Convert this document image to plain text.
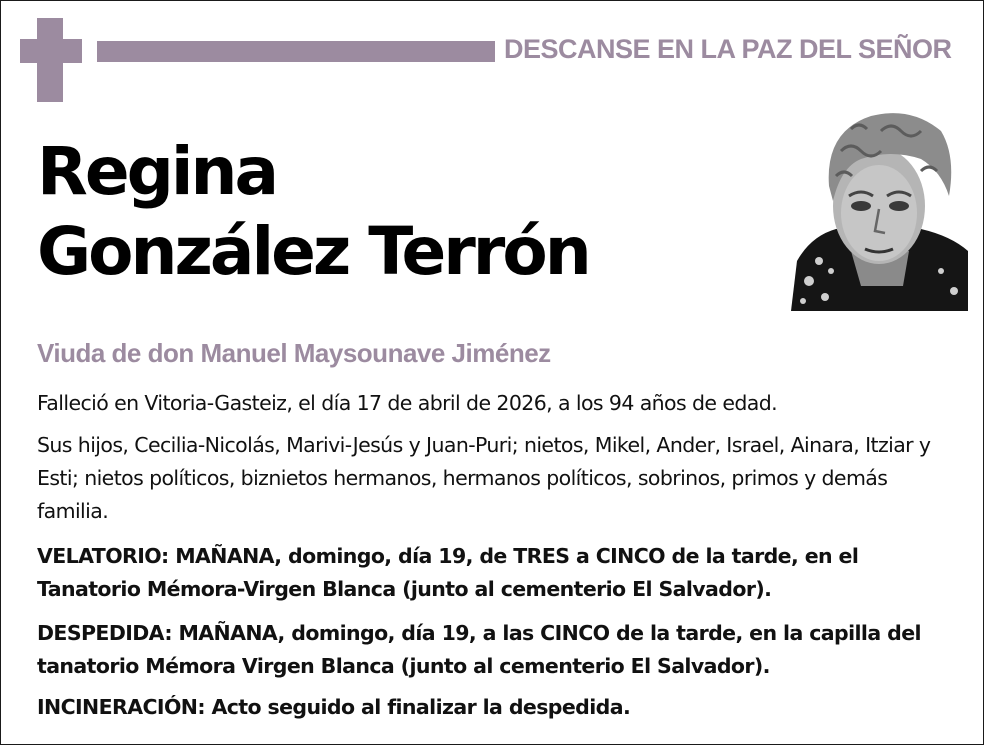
DESCANSE EN LA PAZ DEL SEÑOR
Regina
González Terrón
Viuda de don Manuel Maysounave Jiménez
Falleció en Vitoria-Gasteiz, el día 17 de abril de 2026, a los 94 años de edad.
Sus hijos, Cecilia-Nicolás, Marivi-Jesús y Juan-Puri; nietos, Mikel, Ander, Israel, Ainara, Itziar y Esti; nietos políticos, biznietos hermanos, hermanos políticos, sobrinos, primos y demás familia.
VELATORIO: MAÑANA, domingo, día 19, de TRES a CINCO de la tarde, en el Tanatorio Mémora-Virgen Blanca (junto al cementerio El Salvador).
DESPEDIDA: MAÑANA, domingo, día 19, a las CINCO de la tarde, en la capilla del tanatorio Mémora Virgen Blanca (junto al cementerio El Salvador).
INCINERACIÓN: Acto seguido al finalizar la despedida.
